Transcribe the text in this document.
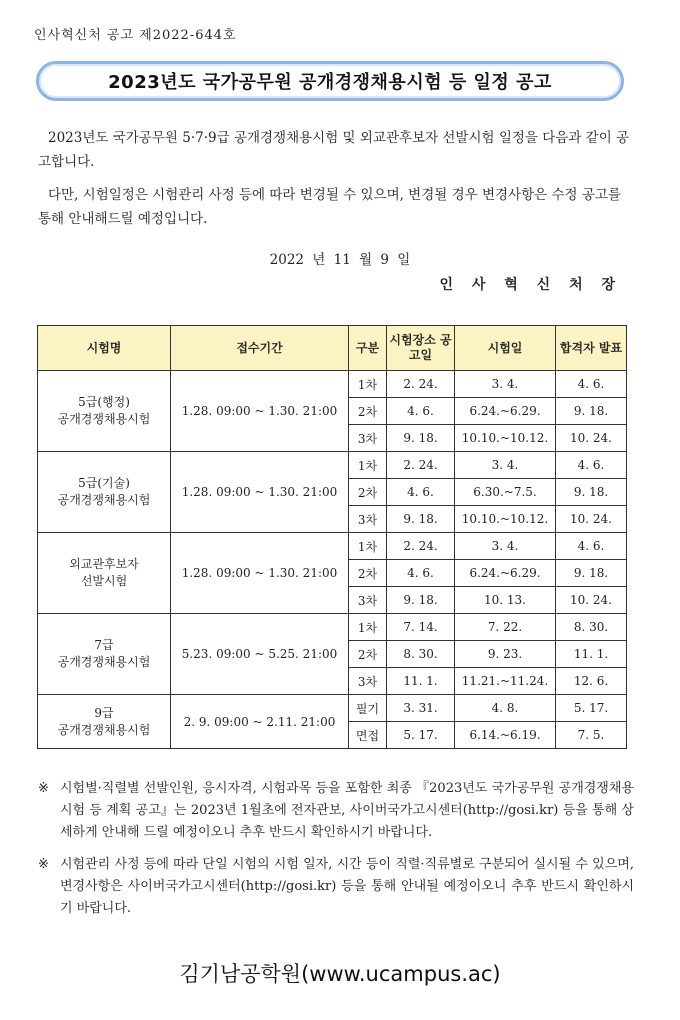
인사혁신처 공고 제2022-644호
2023년도 국가공무원 공개경쟁채용시험 등 일정 공고
2023년도 국가공무원 5·7·9급 공개경쟁채용시험 및 외교관후보자 선발시험 일정을 다음과 같이 공고합니다.
다만, 시험일정은 시험관리 사정 등에 따라 변경될 수 있으며, 변경될 경우 변경사항은 수정 공고를 통해 안내해드릴 예정입니다.
2022 년 11 월 9 일
인 사 혁 신 처 장
시험명	접수기간	구분	시험장소 공고일	시험일	합격자 발표

5급(행정)
공개경쟁채용시험	1.28. 09:00 ~ 1.30. 21:00	1차	2. 24.	3. 4.	4. 6.
		2차	4. 6.	6.24.~6.29.	9. 18.
		3차	9. 18.	10.10.~10.12.	10. 24.

5급(기술)
공개경쟁채용시험	1.28. 09:00 ~ 1.30. 21:00	1차	2. 24.	3. 4.	4. 6.
		2차	4. 6.	6.30.~7.5.	9. 18.
		3차	9. 18.	10.10.~10.12.	10. 24.

외교관후보자
선발시험	1.28. 09:00 ~ 1.30. 21:00	1차	2. 24.	3. 4.	4. 6.
		2차	4. 6.	6.24.~6.29.	9. 18.
		3차	9. 18.	10. 13.	10. 24.

7급
공개경쟁채용시험	5.23. 09:00 ~ 5.25. 21:00	1차	7. 14.	7. 22.	8. 30.
		2차	8. 30.	9. 23.	11. 1.
		3차	11. 1.	11.21.~11.24.	12. 6.

9급
공개경쟁채용시험	2. 9. 09:00 ~ 2.11. 21:00	필기	3. 31.	4. 8.	5. 17.
		면접	5. 17.	6.14.~6.19.	7. 5.
※ 시험별·직렬별 선발인원, 응시자격, 시험과목 등을 포함한 최종 『2023년도 국가공무원 공개경쟁채용시험 등 계획 공고』는 2023년 1월초에 전자관보, 사이버국가고시센터(http://gosi.kr) 등을 통해 상세하게 안내해 드릴 예정이오니 추후 반드시 확인하시기 바랍니다.
※ 시험관리 사정 등에 따라 단일 시험의 시험 일자, 시간 등이 직렬·직류별로 구분되어 실시될 수 있으며, 변경사항은 사이버국가고시센터(http://gosi.kr) 등을 통해 안내될 예정이오니 추후 반드시 확인하시기 바랍니다.
김기남공학원(www.ucampus.ac)
